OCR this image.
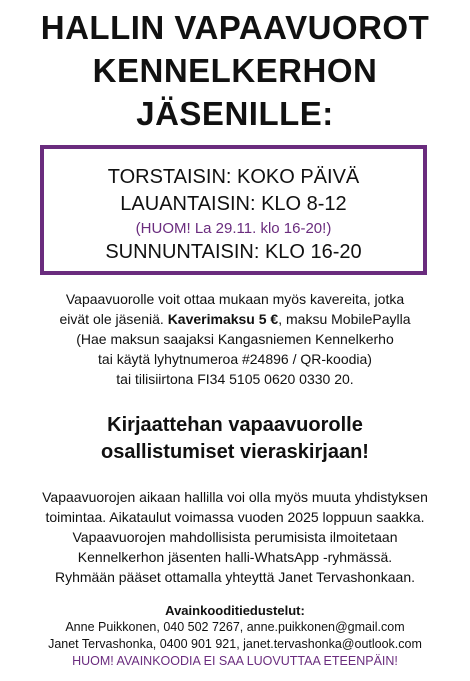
HALLIN VAPAAVUOROT
KENNELKERHON
JÄSENILLE:
TORSTAISIN: KOKO PÄIVÄ
LAUANTAISIN: KLO 8-12
(HUOM! La 29.11. klo 16-20!)
SUNNUNTAISIN: KLO 16-20
Vapaavuorolle voit ottaa mukaan myös kavereita, jotka
eivät ole jäseniä. Kaverimaksu 5 €, maksu MobilePaylla
(Hae maksun saajaksi Kangasniemen Kennelkerho
tai käytä lyhytnumeroa #24896 / QR-koodia)
tai tilisiirtona FI34 5105 0620 0330 20.
Kirjaattehan vapaavuorolle
osallistumiset vieraskirjaan!
Vapaavuorojen aikaan hallilla voi olla myös muuta yhdistyksen
toimintaa. Aikataulut voimassa vuoden 2025 loppuun saakka.
Vapaavuorojen mahdollisista perumisista ilmoitetaan
Kennelkerhon jäsenten halli-WhatsApp -ryhmässä.
Ryhmään pääset ottamalla yhteyttä Janet Tervashonkaan.
Avainkooditiedustelut:
Anne Puikkonen, 040 502 7267, anne.puikkonen@gmail.com
Janet Tervashonka, 0400 901 921, janet.tervashonka@outlook.com
HUOM! AVAINKOODIA EI SAA LUOVUTTAA ETEENPÄIN!
